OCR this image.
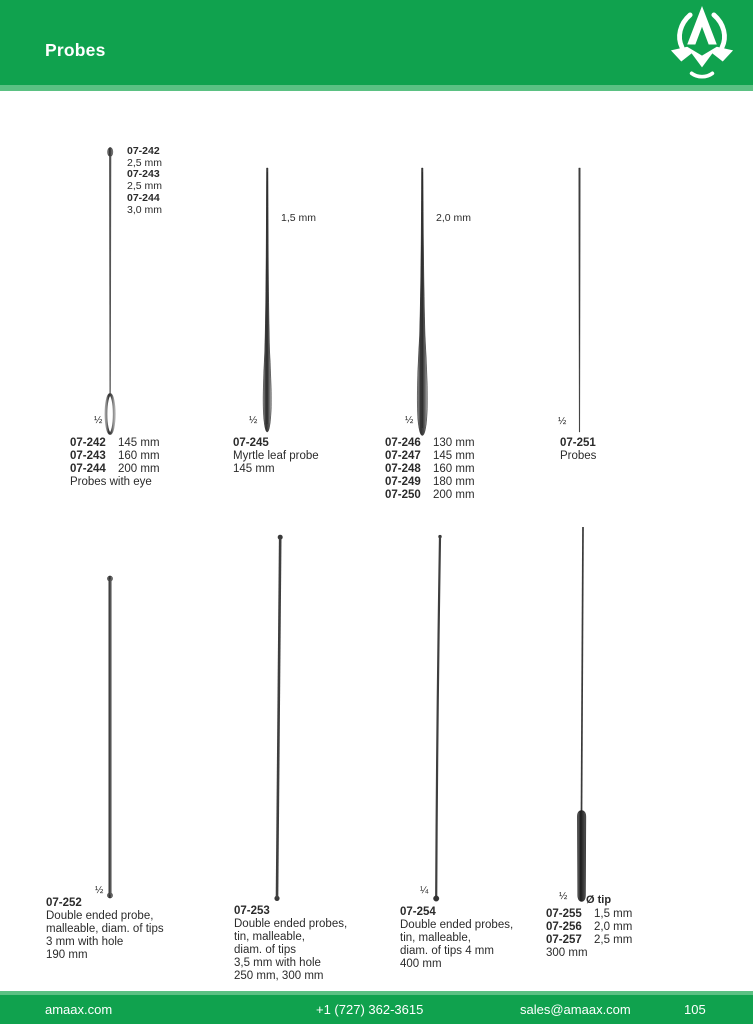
Probes
07-242
2,5 mm
07-243
2,5 mm
07-244
3,0 mm
½
07-242 145 mm
07-243 160 mm
07-244 200 mm
Probes with eye
1,5 mm
½
07-245
Myrtle leaf probe
145 mm
2,0 mm
½
07-246 130 mm
07-247 145 mm
07-248 160 mm
07-249 180 mm
07-250 200 mm
½
07-251
Probes
½
07-252
Double ended probe,
malleable, diam. of tips
3 mm with hole
190 mm
07-253
Double ended probes,
tin, malleable,
diam. of tips
3,5 mm with hole
250 mm, 300 mm
¼
07-254
Double ended probes,
tin, malleable,
diam. of tips 4 mm
400 mm
½ Ø tip
07-255 1,5 mm
07-256 2,0 mm
07-257 2,5 mm
300 mm
amaax.com	+1 (727) 362-3615	sales@amaax.com	105
